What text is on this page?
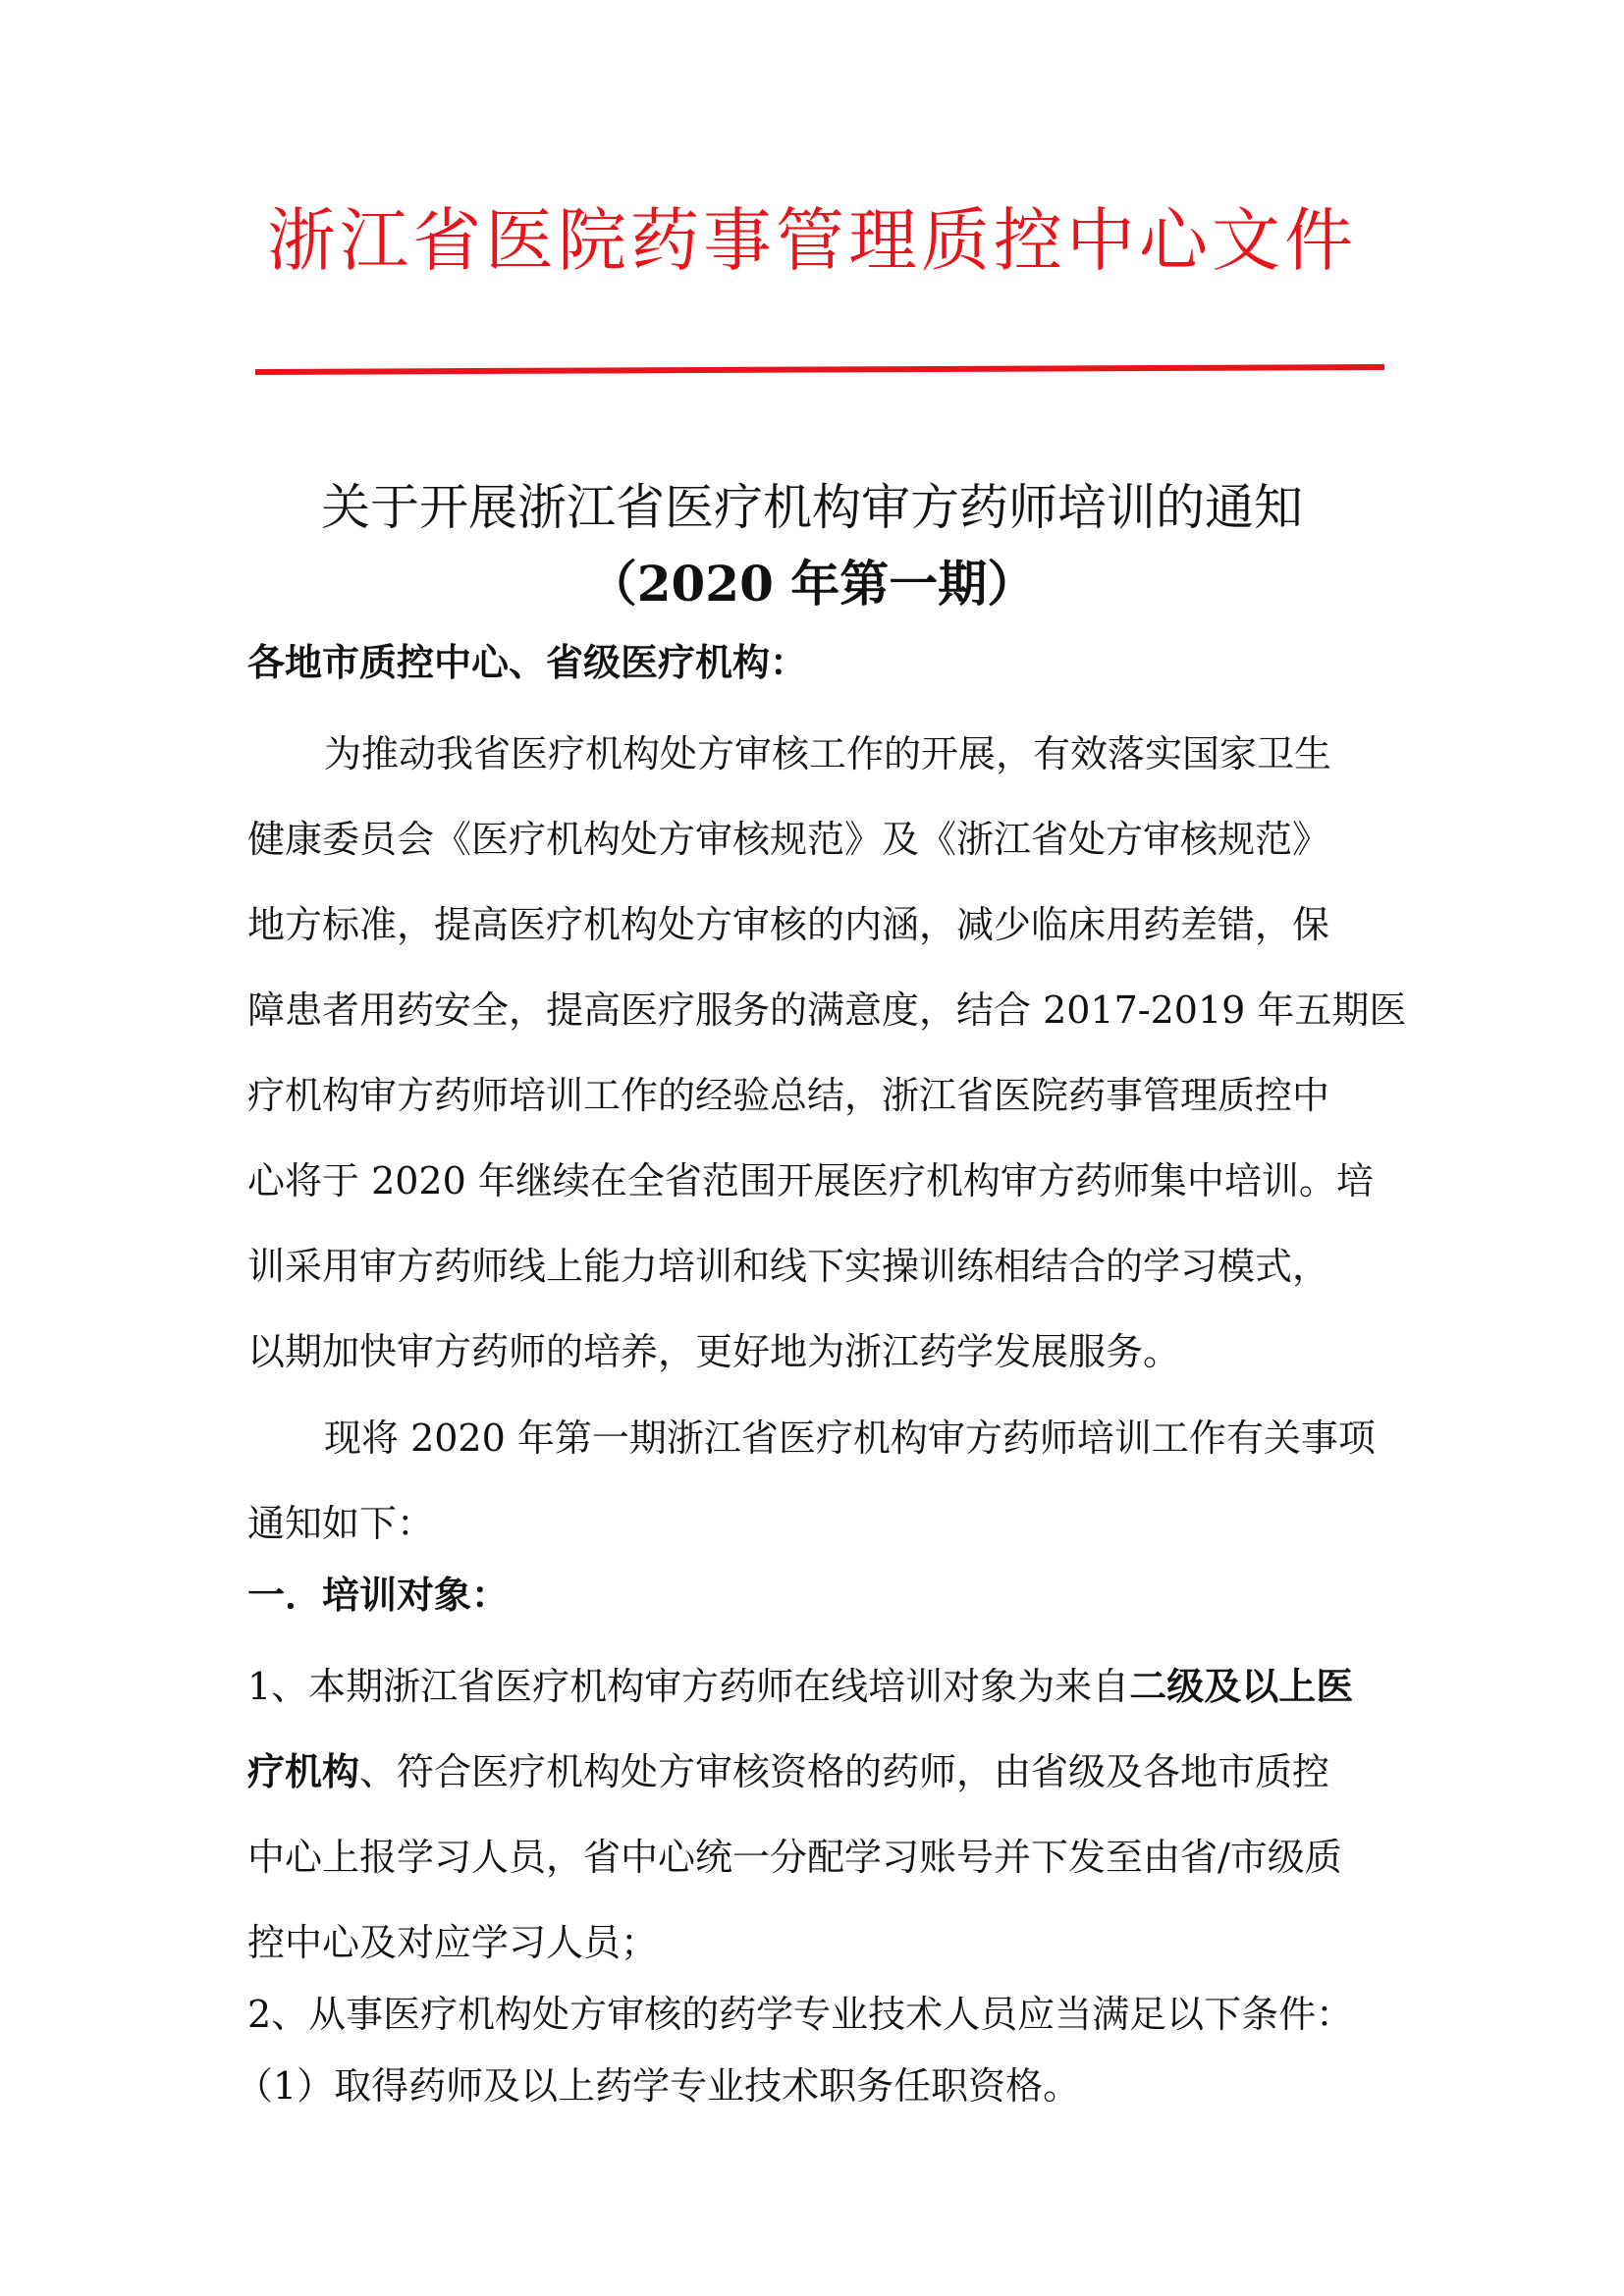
浙江省医院药事管理质控中心文件
关于开展浙江省医疗机构审方药师培训的通知
（2020 年第一期）
各地市质控中心、省级医疗机构：
为推动我省医疗机构处方审核工作的开展，有效落实国家卫生
健康委员会《医疗机构处方审核规范》及《浙江省处方审核规范》
地方标准，提高医疗机构处方审核的内涵，减少临床用药差错，保
障患者用药安全，提高医疗服务的满意度，结合 2017-2019 年五期医
疗机构审方药师培训工作的经验总结，浙江省医院药事管理质控中
心将于 2020 年继续在全省范围开展医疗机构审方药师集中培训。培
训采用审方药师线上能力培训和线下实操训练相结合的学习模式，
以期加快审方药师的培养，更好地为浙江药学发展服务。
现将 2020 年第一期浙江省医疗机构审方药师培训工作有关事项
通知如下：
一．培训对象：
1、本期浙江省医疗机构审方药师在线培训对象为来自二级及以上医
疗机构、符合医疗机构处方审核资格的药师，由省级及各地市质控
中心上报学习人员，省中心统一分配学习账号并下发至由省/市级质
控中心及对应学习人员；
2、从事医疗机构处方审核的药学专业技术人员应当满足以下条件：
（1）取得药师及以上药学专业技术职务任职资格。
